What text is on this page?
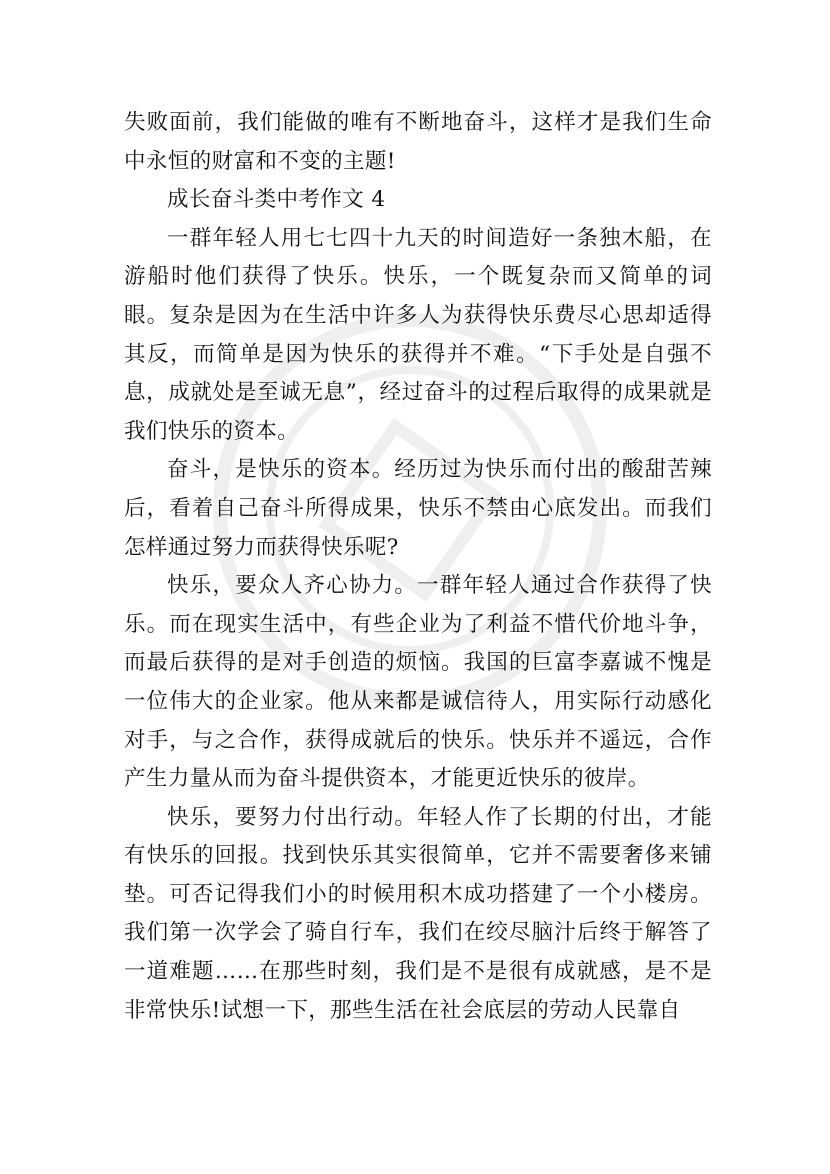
失败面前，我们能做的唯有不断地奋斗，这样才是我们生命中永恒的财富和不变的主题!

成长奋斗类中考作文 4

一群年轻人用七七四十九天的时间造好一条独木船，在游船时他们获得了快乐。快乐，一个既复杂而又简单的词眼。复杂是因为在生活中许多人为获得快乐费尽心思却适得其反，而简单是因为快乐的获得并不难。“下手处是自强不息，成就处是至诚无息”，经过奋斗的过程后取得的成果就是我们快乐的资本。

奋斗，是快乐的资本。经历过为快乐而付出的酸甜苦辣后，看着自己奋斗所得成果，快乐不禁由心底发出。而我们怎样通过努力而获得快乐呢?

快乐，要众人齐心协力。一群年轻人通过合作获得了快乐。而在现实生活中，有些企业为了利益不惜代价地斗争，而最后获得的是对手创造的烦恼。我国的巨富李嘉诚不愧是一位伟大的企业家。他从来都是诚信待人，用实际行动感化对手，与之合作，获得成就后的快乐。快乐并不遥远，合作产生力量从而为奋斗提供资本，才能更近快乐的彼岸。

快乐，要努力付出行动。年轻人作了长期的付出，才能有快乐的回报。找到快乐其实很简单，它并不需要奢侈来铺垫。可否记得我们小的时候用积木成功搭建了一个小楼房。我们第一次学会了骑自行车，我们在绞尽脑汁后终于解答了一道难题……在那些时刻，我们是不是很有成就感，是不是非常快乐!试想一下，那些生活在社会底层的劳动人民靠自
